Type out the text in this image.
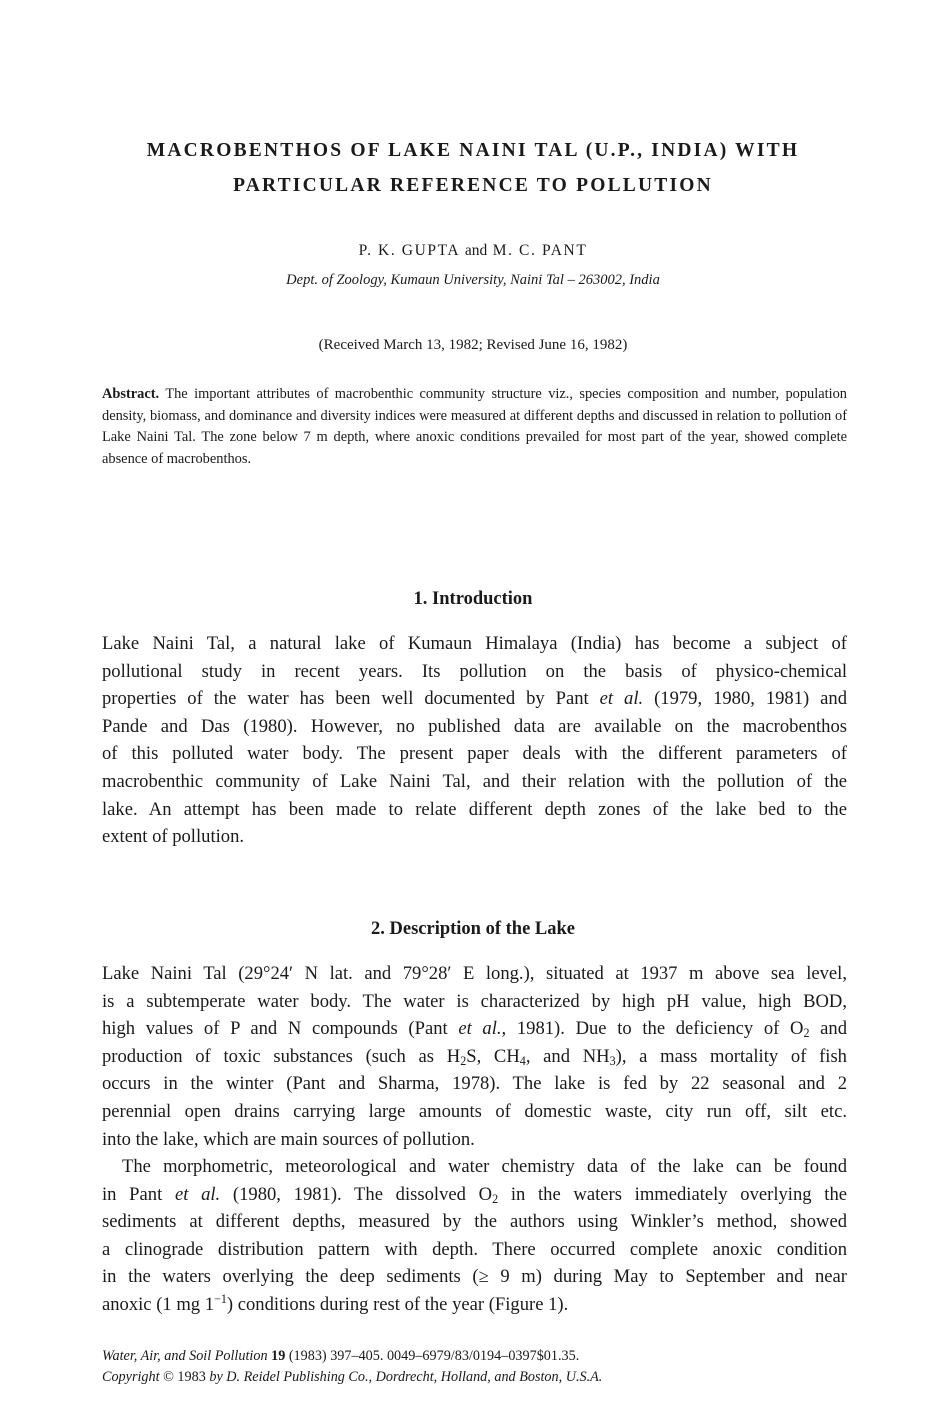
MACROBENTHOS OF LAKE NAINI TAL (U.P., INDIA) WITH
PARTICULAR REFERENCE TO POLLUTION
P. K. GUPTA and M. C. PANT
Dept. of Zoology, Kumaun University, Naini Tal – 263002, India
(Received March 13, 1982; Revised June 16, 1982)
Abstract. The important attributes of macrobenthic community structure viz., species composition and number, population density, biomass, and dominance and diversity indices were measured at different depths and discussed in relation to pollution of Lake Naini Tal. The zone below 7 m depth, where anoxic conditions prevailed for most part of the year, showed complete absence of macrobenthos.
1. Introduction
Lake Naini Tal, a natural lake of Kumaun Himalaya (India) has become a subject of
pollutional study in recent years. Its pollution on the basis of physico-chemical
properties of the water has been well documented by Pant et al. (1979, 1980, 1981) and
Pande and Das (1980). However, no published data are available on the macrobenthos
of this polluted water body. The present paper deals with the different parameters of
macrobenthic community of Lake Naini Tal, and their relation with the pollution of the
lake. An attempt has been made to relate different depth zones of the lake bed to the
extent of pollution.
2. Description of the Lake
Lake Naini Tal (29°24′ N lat. and 79°28′ E long.), situated at 1937 m above sea level,
is a subtemperate water body. The water is characterized by high pH value, high BOD,
high values of P and N compounds (Pant et al., 1981). Due to the deficiency of $O_2$ and
production of toxic substances (such as $H_2S$, $CH_4$, and $NH_3$), a mass mortality of fish
occurs in the winter (Pant and Sharma, 1978). The lake is fed by 22 seasonal and 2
perennial open drains carrying large amounts of domestic waste, city run off, silt etc.
into the lake, which are main sources of pollution.
The morphometric, meteorological and water chemistry data of the lake can be found
in Pant et al. (1980, 1981). The dissolved $O_2$ in the waters immediately overlying the
sediments at different depths, measured by the authors using Winkler’s method, showed
a clinograde distribution pattern with depth. There occurred complete anoxic condition
in the waters overlying the deep sediments (≥ 9 m) during May to September and near
anoxic (1 mg $1^{-1}$) conditions during rest of the year (Figure 1).
Water, Air, and Soil Pollution 19 (1983) 397–405. 0049–6979/83/0194–0397$01.35.
Copyright © 1983 by D. Reidel Publishing Co., Dordrecht, Holland, and Boston, U.S.A.
